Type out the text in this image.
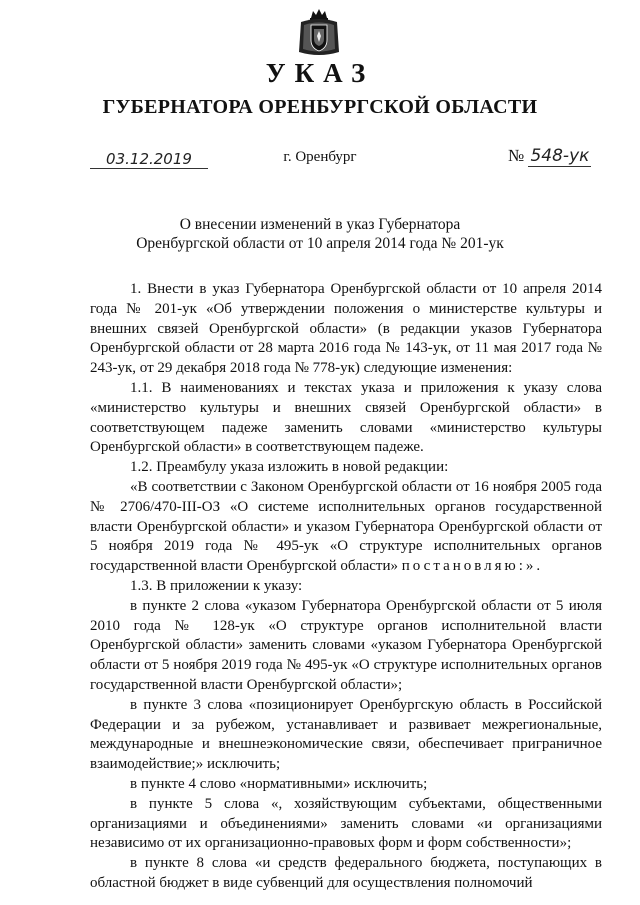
УКАЗ
ГУБЕРНАТОРА ОРЕНБУРГСКОЙ ОБЛАСТИ
03.12.2019	г. Оренбург	№ 548-ук
О внесении изменений в указ Губернатора
Оренбургской области от 10 апреля 2014 года № 201-ук

1. Внести в указ Губернатора Оренбургской области от 10 апреля 2014 года № 201-ук «Об утверждении положения о министерстве культуры и внешних связей Оренбургской области» (в редакции указов Губернатора Оренбургской области от 28 марта 2016 года № 143-ук, от 11 мая 2017 года № 243-ук, от 29 декабря 2018 года № 778-ук) следующие изменения:

1.1. В наименованиях и текстах указа и приложения к указу слова «министерство культуры и внешних связей Оренбургской области» в соответствующем падеже заменить словами «министерство культуры Оренбургской области» в соответствующем падеже.

1.2. Преамбулу указа изложить в новой редакции:

«В соответствии с Законом Оренбургской области от 16 ноября 2005 года № 2706/470-III-ОЗ «О системе исполнительных органов государственной власти Оренбургской области» и указом Губернатора Оренбургской области от 5 ноября 2019 года № 495-ук «О структуре исполнительных органов государственной власти Оренбургской области» постановляю:».

1.3. В приложении к указу:

в пункте 2 слова «указом Губернатора Оренбургской области от 5 июля 2010 года № 128-ук «О структуре органов исполнительной власти Оренбургской области» заменить словами «указом Губернатора Оренбургской области от 5 ноября 2019 года № 495-ук «О структуре исполнительных органов государственной власти Оренбургской области»;

в пункте 3 слова «позиционирует Оренбургскую область в Российской Федерации и за рубежом, устанавливает и развивает межрегиональные, международные и внешнеэкономические связи, обеспечивает приграничное взаимодействие;» исключить;

в пункте 4 слово «нормативными» исключить;

в пункте 5 слова «, хозяйствующим субъектами, общественными организациями и объединениями» заменить словами «и организациями независимо от их организационно-правовых форм и форм собственности»;

в пункте 8 слова «и средств федерального бюджета, поступающих в областной бюджет в виде субвенций для осуществления полномочий
